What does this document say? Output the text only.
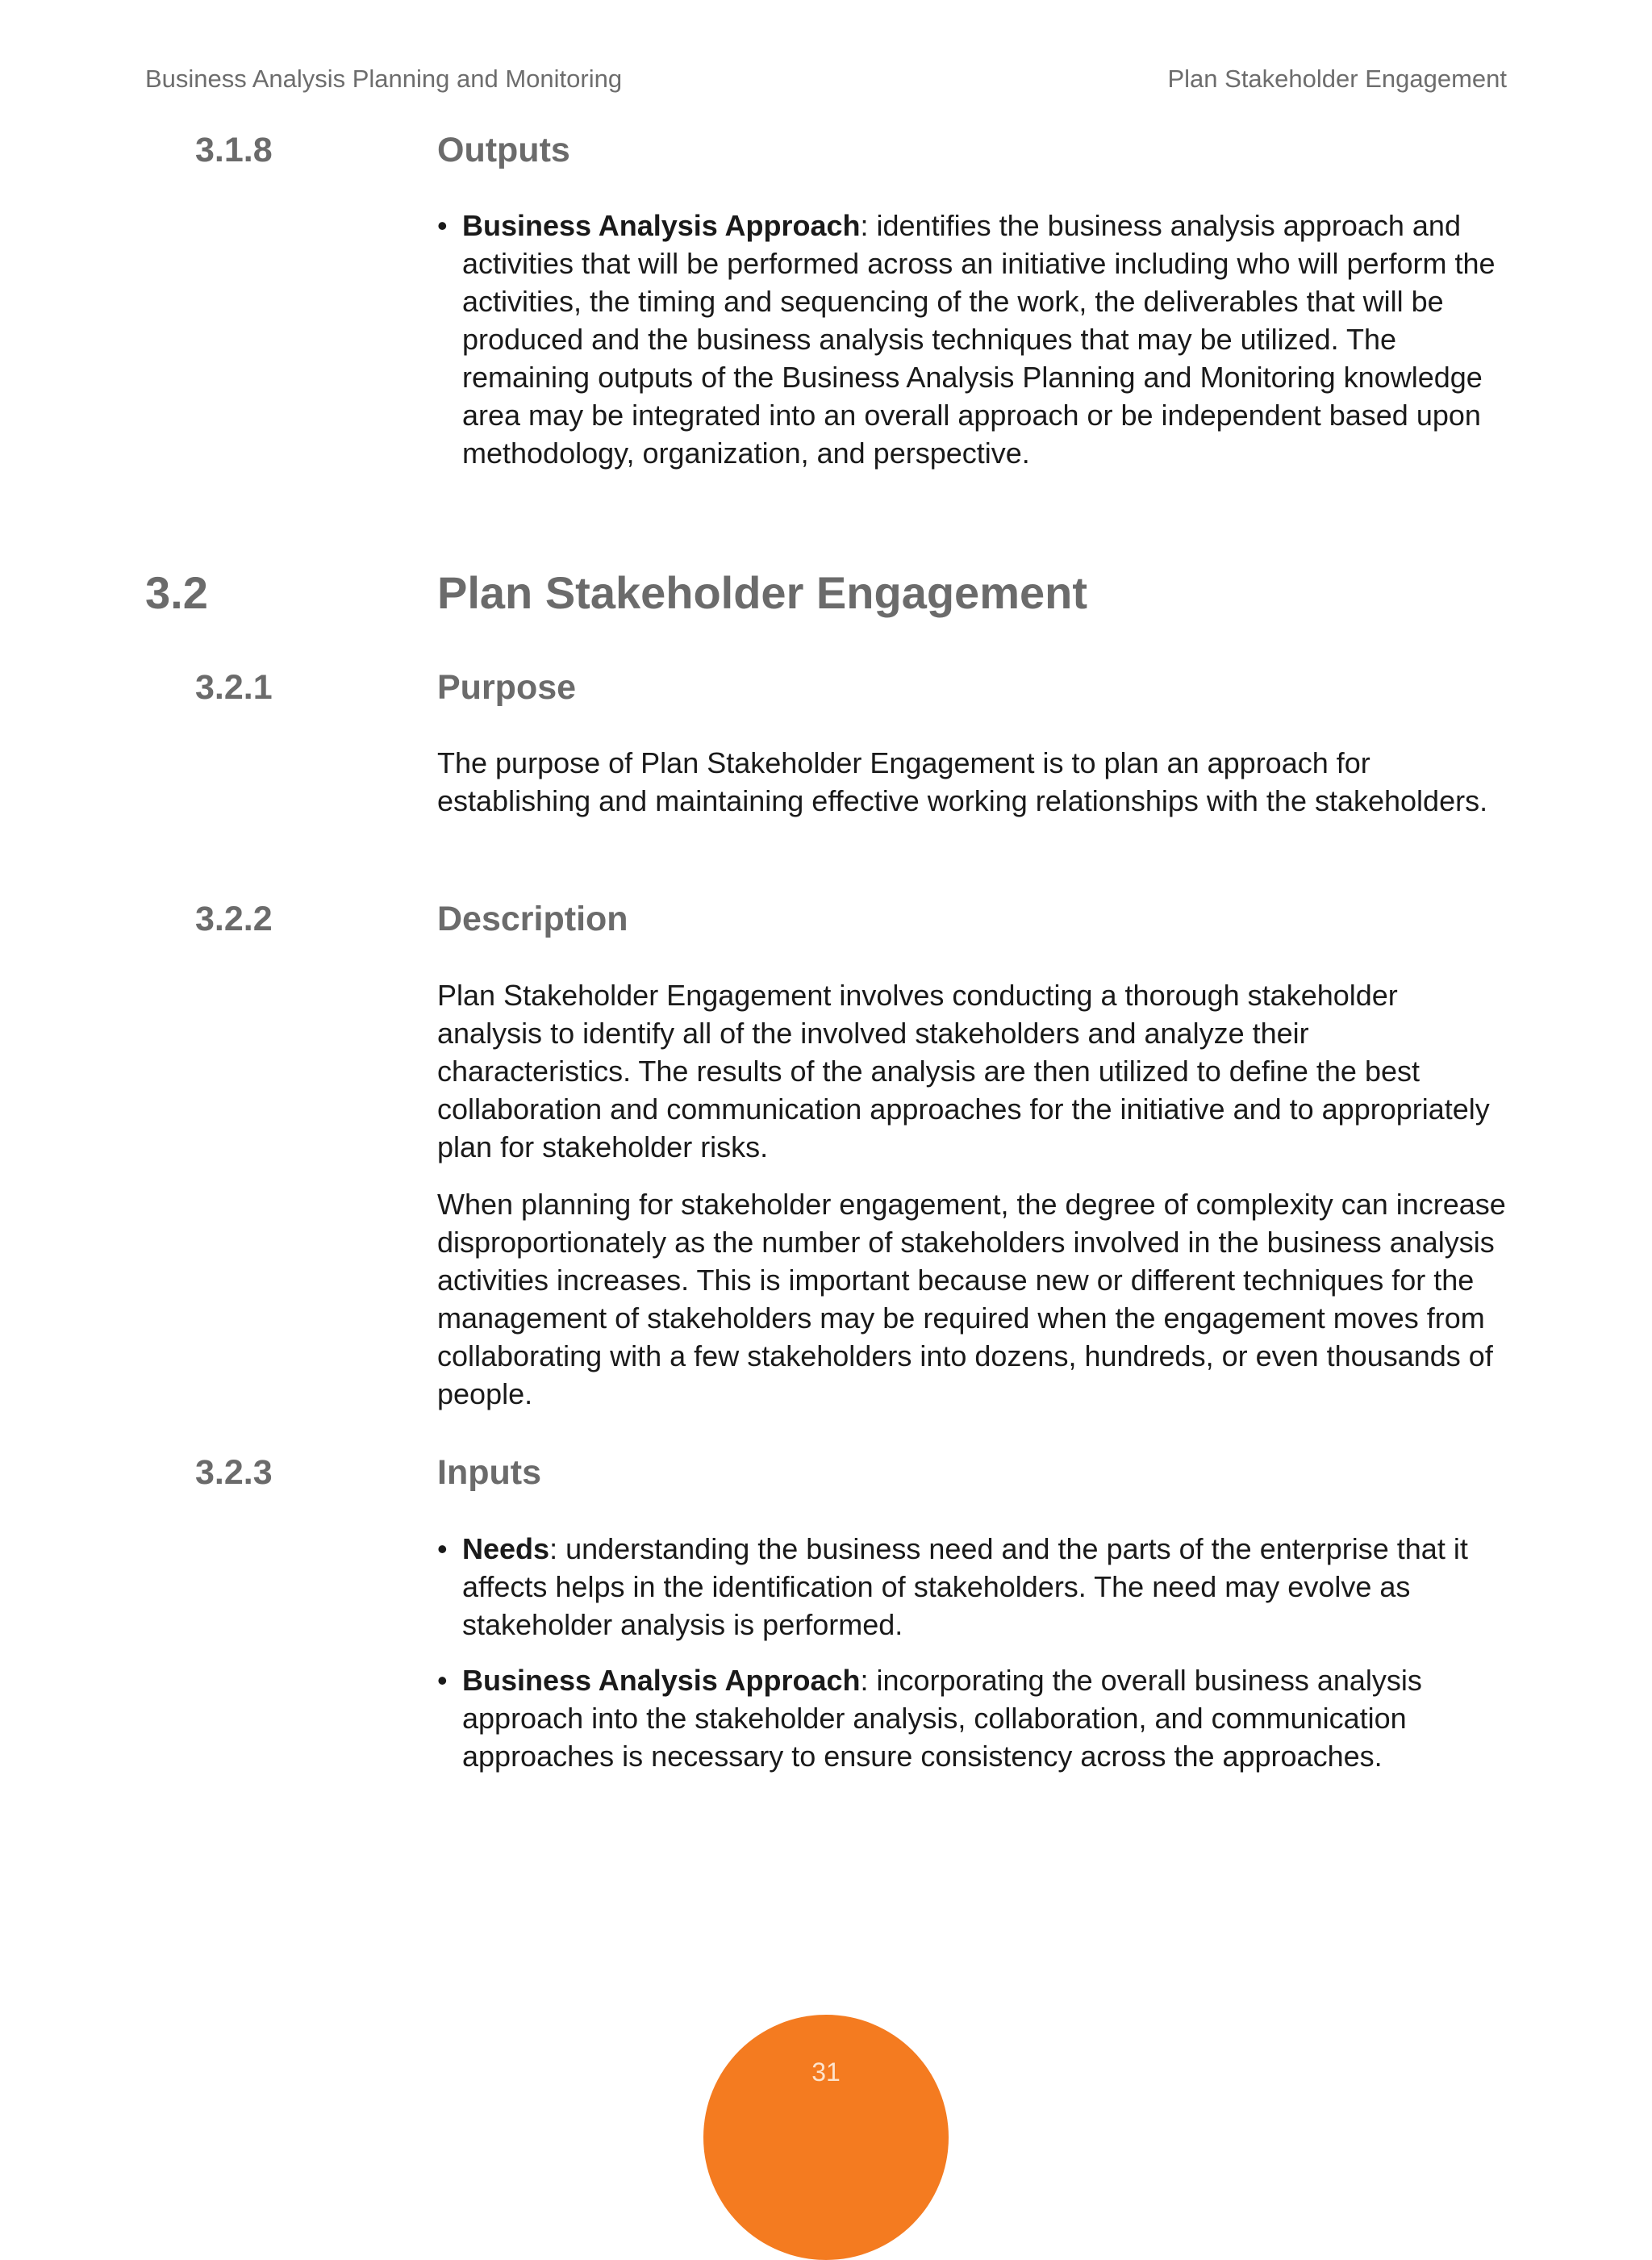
Business Analysis Planning and Monitoring	Plan Stakeholder Engagement
3.1.8	Outputs
• Business Analysis Approach: identifies the business analysis approach and activities that will be performed across an initiative including who will perform the activities, the timing and sequencing of the work, the deliverables that will be produced and the business analysis techniques that may be utilized. The remaining outputs of the Business Analysis Planning and Monitoring knowledge area may be integrated into an overall approach or be independent based upon methodology, organization, and perspective.
3.2	Plan Stakeholder Engagement
3.2.1	Purpose

The purpose of Plan Stakeholder Engagement is to plan an approach for establishing and maintaining effective working relationships with the stakeholders.

3.2.2	Description

Plan Stakeholder Engagement involves conducting a thorough stakeholder analysis to identify all of the involved stakeholders and analyze their characteristics. The results of the analysis are then utilized to define the best collaboration and communication approaches for the initiative and to appropriately plan for stakeholder risks.

When planning for stakeholder engagement, the degree of complexity can increase disproportionately as the number of stakeholders involved in the business analysis activities increases. This is important because new or different techniques for the management of stakeholders may be required when the engagement moves from collaborating with a few stakeholders into dozens, hundreds, or even thousands of people.

3.2.3	Inputs
• Needs: understanding the business need and the parts of the enterprise that it affects helps in the identification of stakeholders. The need may evolve as stakeholder analysis is performed.
• Business Analysis Approach: incorporating the overall business analysis approach into the stakeholder analysis, collaboration, and communication approaches is necessary to ensure consistency across the approaches.
31
